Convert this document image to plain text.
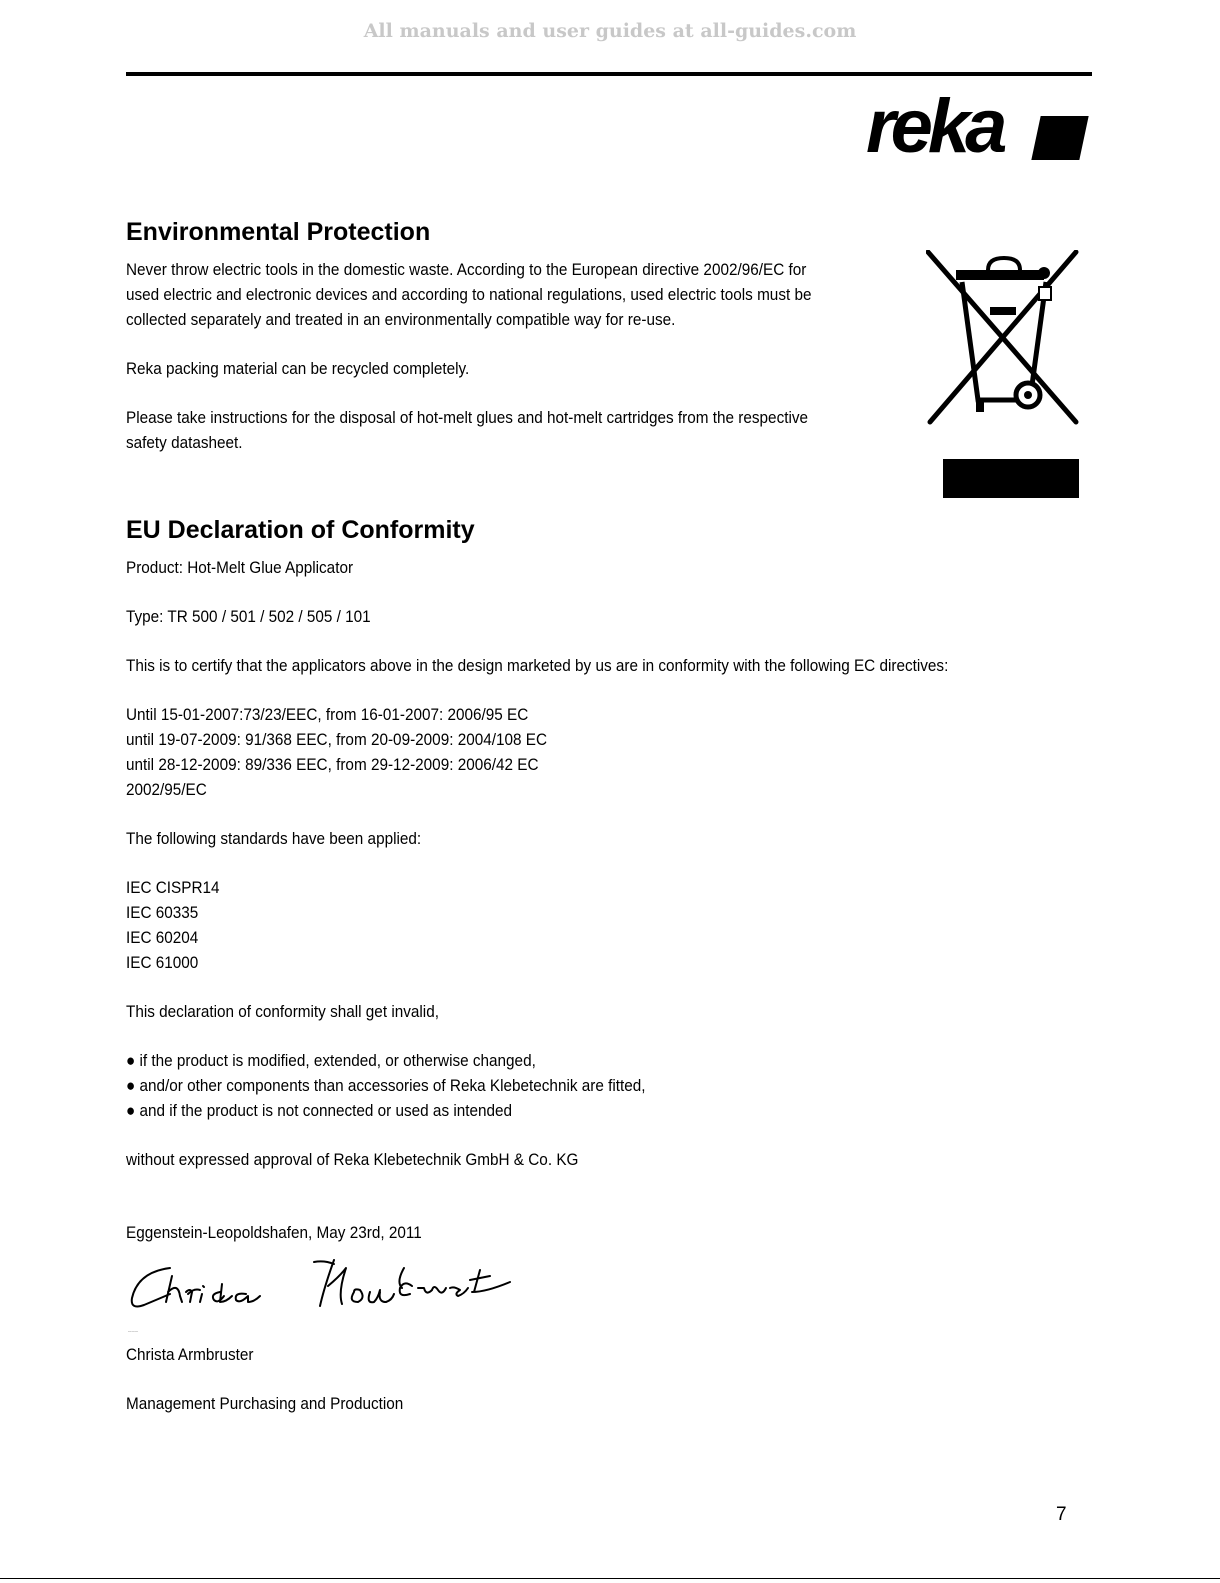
All manuals and user guides at all-guides.com
reka
Environmental Protection

Never throw electric tools in the domestic waste. According to the European directive 2002/96/EC for

used electric and electronic devices and according to national regulations, used electric tools must be

collected separately and treated in an environmentally compatible way for re-use.

Reka packing material can be recycled completely.

Please take instructions for the disposal of hot-melt glues and hot-melt cartridges from the respective

safety datasheet.

EU Declaration of Conformity

Product: Hot-Melt Glue Applicator

Type: TR 500 / 501 / 502 / 505 / 101

This is to certify that the applicators above in the design marketed by us are in conformity with the following EC directives:

Until 15-01-2007:73/23/EEC, from 16-01-2007: 2006/95 EC

until 19-07-2009: 91/368 EEC, from 20-09-2009: 2004/108 EC

until 28-12-2009: 89/336 EEC, from 29-12-2009: 2006/42 EC

2002/95/EC

The following standards have been applied:

IEC CISPR14

IEC 60335

IEC 60204

IEC 61000

This declaration of conformity shall get invalid,

● if the product is modified, extended, or otherwise changed,

● and/or other components than accessories of Reka Klebetechnik are fitted,

● and if the product is not connected or used as intended

without expressed approval of Reka Klebetechnik GmbH & Co. KG

Eggenstein-Leopoldshafen, May 23rd, 2011

Christa Armbruster

Management Purchasing and Production

7
